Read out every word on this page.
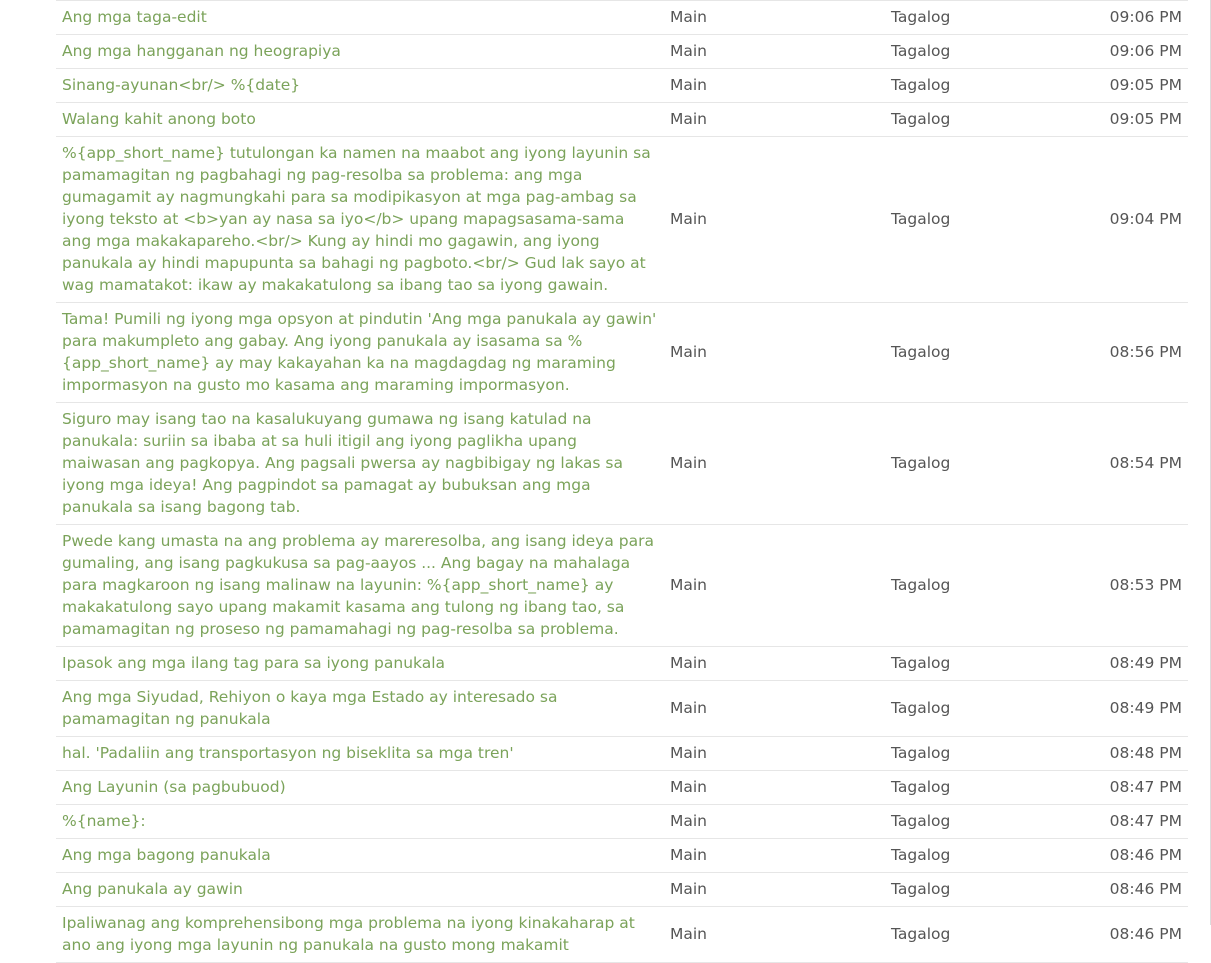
Ang mga taga-edit	Main	Tagalog	09:06 PM
Ang mga hangganan ng heograpiya	Main	Tagalog	09:06 PM
Sinang-ayunan<br/> %{date}	Main	Tagalog	09:05 PM
Walang kahit anong boto	Main	Tagalog	09:05 PM
%{app_short_name} tutulongan ka namen na maabot ang iyong layunin sa pamamagitan ng pagbahagi ng pag-resolba sa problema: ang mga gumagamit ay nagmungkahi para sa modipikasyon at mga pag-ambag sa iyong teksto at <b>yan ay nasa sa iyo</b> upang mapagsasama-sama ang mga makakapareho.<br/> Kung ay hindi mo gagawin, ang iyong panukala ay hindi mapupunta sa bahagi ng pagboto.<br/> Gud lak sayo at wag mamatakot: ikaw ay makakatulong sa ibang tao sa iyong gawain.	Main	Tagalog	09:04 PM
Tama! Pumili ng iyong mga opsyon at pindutin 'Ang mga panukala ay gawin' para makumpleto ang gabay. Ang iyong panukala ay isasama sa %{app_short_name} ay may kakayahan ka na magdagdag ng maraming impormasyon na gusto mo kasama ang maraming impormasyon.	Main	Tagalog	08:56 PM
Siguro may isang tao na kasalukuyang gumawa ng isang katulad na panukala: suriin sa ibaba at sa huli itigil ang iyong paglikha upang maiwasan ang pagkopya. Ang pagsali pwersa ay nagbibigay ng lakas sa iyong mga ideya! Ang pagpindot sa pamagat ay bubuksan ang mga panukala sa isang bagong tab.	Main	Tagalog	08:54 PM
Pwede kang umasta na ang problema ay mareresolba, ang isang ideya para gumaling, ang isang pagkukusa sa pag-aayos ... Ang bagay na mahalaga para magkaroon ng isang malinaw na layunin: %{app_short_name} ay makakatulong sayo upang makamit kasama ang tulong ng ibang tao, sa pamamagitan ng proseso ng pamamahagi ng pag-resolba sa problema.	Main	Tagalog	08:53 PM
Ipasok ang mga ilang tag para sa iyong panukala	Main	Tagalog	08:49 PM
Ang mga Siyudad, Rehiyon o kaya mga Estado ay interesado sa pamamagitan ng panukala	Main	Tagalog	08:49 PM
hal. 'Padaliin ang transportasyon ng biseklita sa mga tren'	Main	Tagalog	08:48 PM
Ang Layunin (sa pagbubuod)	Main	Tagalog	08:47 PM
%{name}:	Main	Tagalog	08:47 PM
Ang mga bagong panukala	Main	Tagalog	08:46 PM
Ang panukala ay gawin	Main	Tagalog	08:46 PM
Ipaliwanag ang komprehensibong mga problema na iyong kinakaharap at ano ang iyong mga layunin ng panukala na gusto mong makamit	Main	Tagalog	08:46 PM
